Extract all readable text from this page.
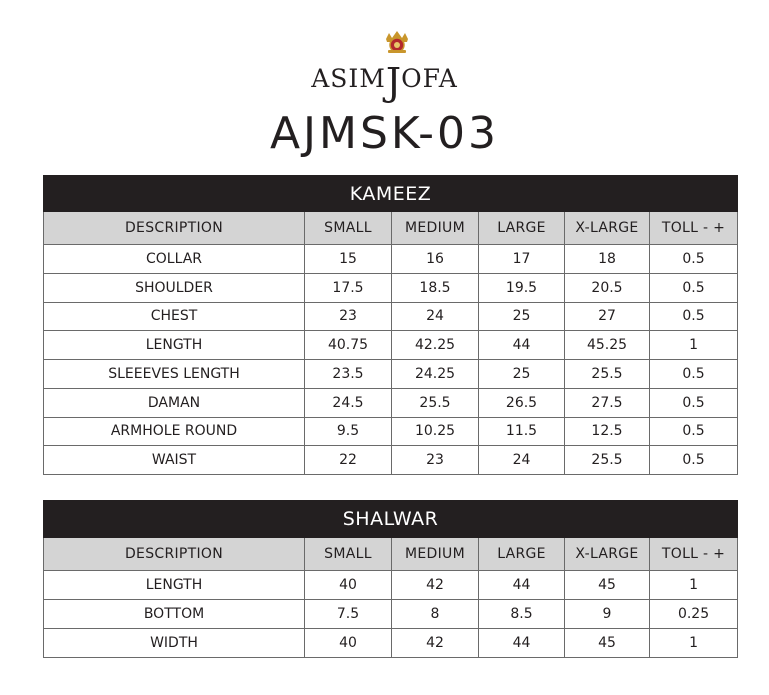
ASIMJOFA
AJMSK-03
KAMEEZ					
DESCRIPTION	SMALL	MEDIUM	LARGE	X-LARGE	TOLL - +
COLLAR	15	16	17	18	0.5
SHOULDER	17.5	18.5	19.5	20.5	0.5
CHEST	23	24	25	27	0.5
LENGTH	40.75	42.25	44	45.25	1
SLEEEVES LENGTH	23.5	24.25	25	25.5	0.5
DAMAN	24.5	25.5	26.5	27.5	0.5
ARMHOLE ROUND	9.5	10.25	11.5	12.5	0.5
WAIST	22	23	24	25.5	0.5
SHALWAR					
DESCRIPTION	SMALL	MEDIUM	LARGE	X-LARGE	TOLL - +
LENGTH	40	42	44	45	1
BOTTOM	7.5	8	8.5	9	0.25
WIDTH	40	42	44	45	1
